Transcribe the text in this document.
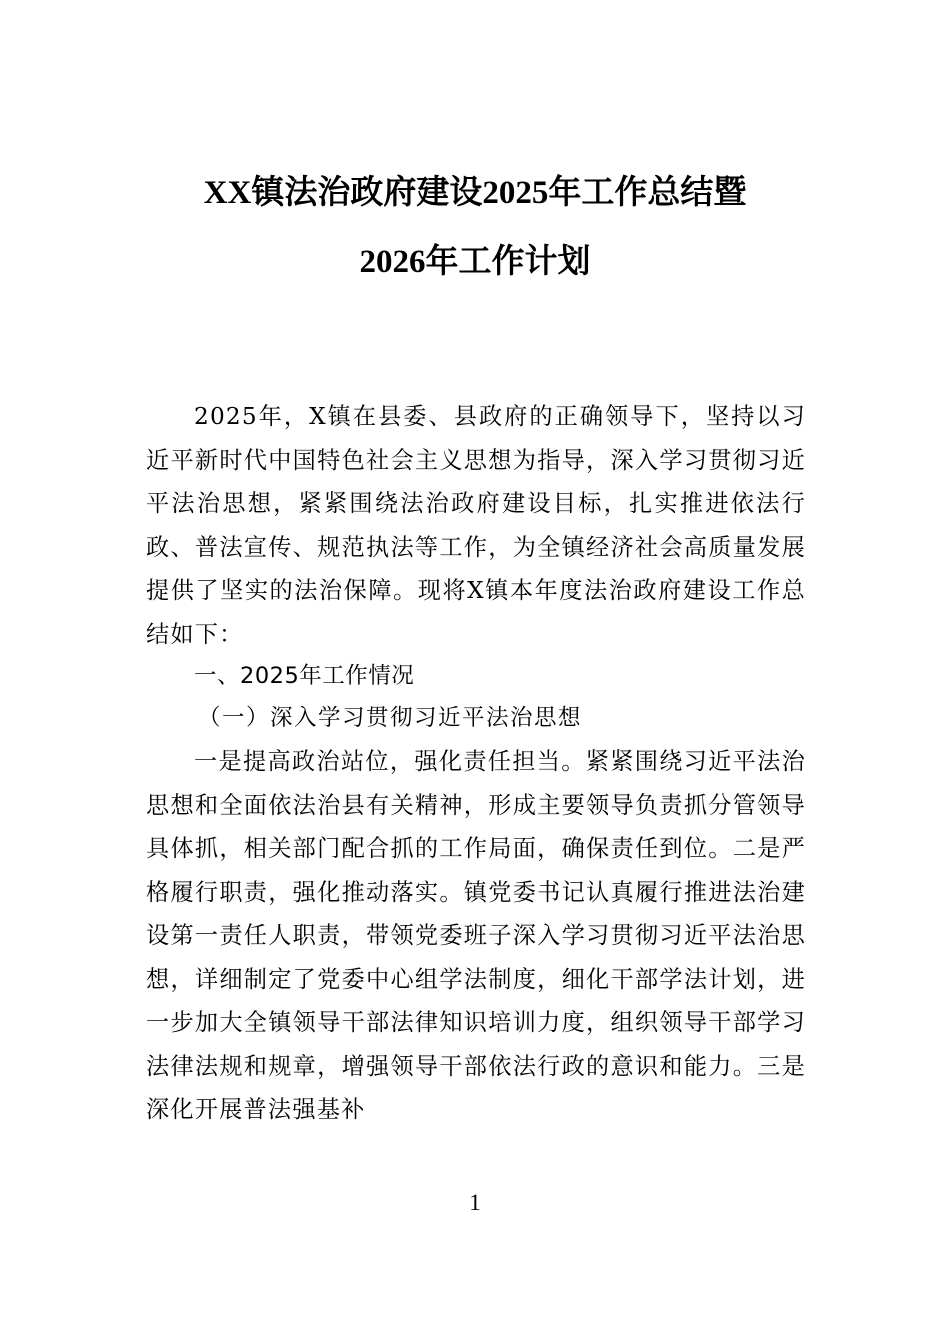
XX镇法治政府建设2025年工作总结暨
2026年工作计划

2025年，X镇在县委、县政府的正确领导下，坚持以习近平新时代中国特色社会主义思想为指导，深入学习贯彻习近平法治思想，紧紧围绕法治政府建设目标，扎实推进依法行政、普法宣传、规范执法等工作，为全镇经济社会高质量发展提供了坚实的法治保障。现将X镇本年度法治政府建设工作总结如下：

一、2025年工作情况

（一）深入学习贯彻习近平法治思想

一是提高政治站位，强化责任担当。紧紧围绕习近平法治思想和全面依法治县有关精神，形成主要领导负责抓分管领导具体抓，相关部门配合抓的工作局面，确保责任到位。二是严格履行职责，强化推动落实。镇党委书记认真履行推进法治建设第一责任人职责，带领党委班子深入学习贯彻习近平法治思想，详细制定了党委中心组学法制度，细化干部学法计划，进一步加大全镇领导干部法律知识培训力度，组织领导干部学习法律法规和规章，增强领导干部依法行政的意识和能力。三是深化开展普法强基补

1
